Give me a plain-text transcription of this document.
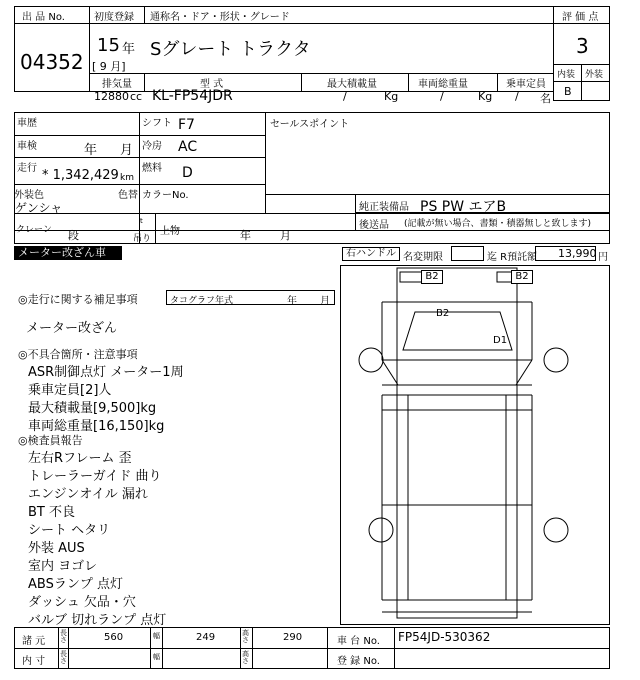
出 品 No.
04352
初度登録 通称名・ドア・形状・グレード	評 価 点
15 年
[ 9 月]
Sグレート トラクタ	3
内装 外装
B
排気量	型 式	最大積載量	車両総重量	乗車定員
12880 cc KL-FP54JDR	/	Kg	/	Kg / 名
車歴	シフト F7	セールスポイント
車検	年 月 冷房 AC
走行 * 1,342,429 km
燃料 D
外装色
ゲンシャ
色替 カラーNo.
純正装備品 PS PW エアB
後送品 (記載が無い場合、書類・積器無しと致します)
クレーン 段
t
吊り
上物	年	月
メーター改ざん車	右ハンドル 名変期限	迄 R預託額 13,990 円
◎走行に関する補足事項	タコグラフ年式	年 月
メーター改ざん
◎不具合箇所・注意事項
ASR制御点灯 メーター1周
乗車定員[2]人
最大積載量[9,500]kg
車両総重量[16,150]kg
◎検査員報告
左右Rフレーム 歪
トレーラーガイド 曲り
エンジンオイル 漏れ
BT 不良
シート ヘタリ
外装 AUS
室内 ヨゴレ
ABSランプ 点灯
ダッシュ 欠品・穴
バルブ 切れランプ 点灯
B2	B2
B2
D1
諸 元
長さ	560	幅	249	高さ	290	車 台 No. FP54JD-530362
内 寸
長さ	幅	高さ	登 録 No.
